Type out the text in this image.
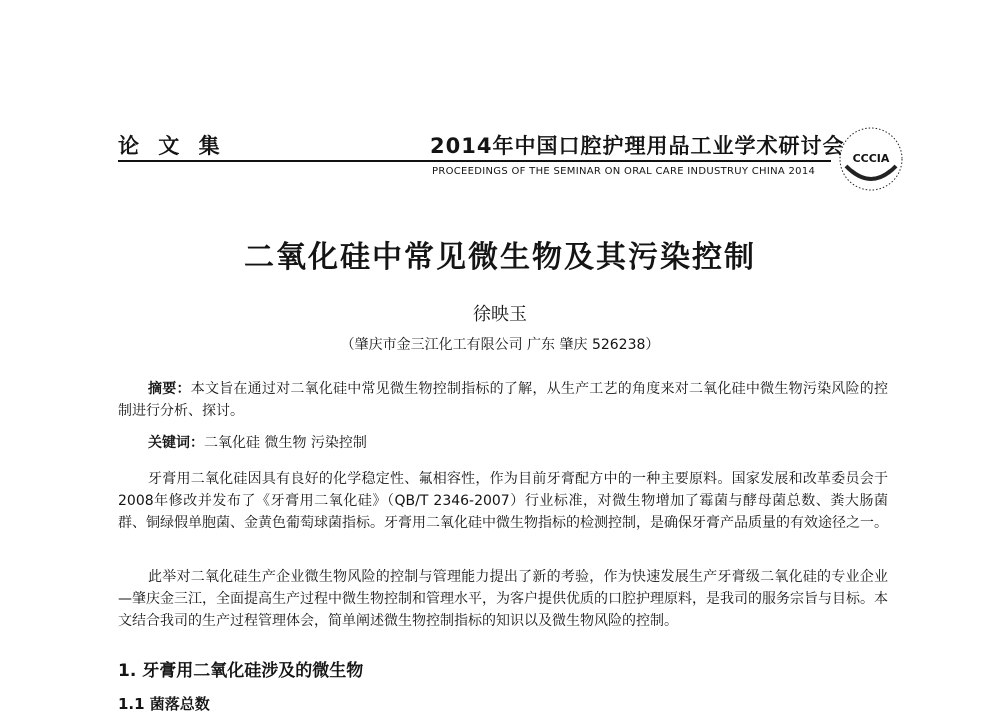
论 文 集	2014年中国口腔护理用品工业学术研讨会
PROCEEDINGS OF THE SEMINAR ON ORAL CARE INDUSTRUY CHINA 2014
CCCIA
二氧化硅中常见微生物及其污染控制
徐映玉
（肇庆市金三江化工有限公司 广东 肇庆 526238）

摘要：本文旨在通过对二氧化硅中常见微生物控制指标的了解，从生产工艺的角度来对二氧化硅中微生物污染风险的控制进行分析、探讨。

关键词：二氧化硅 微生物 污染控制

牙膏用二氧化硅因具有良好的化学稳定性、氟相容性，作为目前牙膏配方中的一种主要原料。国家发展和改革委员会于2008年修改并发布了《牙膏用二氧化硅》（QB/T 2346-2007）行业标准，对微生物增加了霉菌与酵母菌总数、粪大肠菌群、铜绿假单胞菌、金黄色葡萄球菌指标。牙膏用二氧化硅中微生物指标的检测控制，是确保牙膏产品质量的有效途径之一。

此举对二氧化硅生产企业微生物风险的控制与管理能力提出了新的考验，作为快速发展生产牙膏级二氧化硅的专业企业—肇庆金三江，全面提高生产过程中微生物控制和管理水平，为客户提供优质的口腔护理原料，是我司的服务宗旨与目标。本文结合我司的生产过程管理体会，简单阐述微生物控制指标的知识以及微生物风险的控制。

1. 牙膏用二氧化硅涉及的微生物
1.1 菌落总数
